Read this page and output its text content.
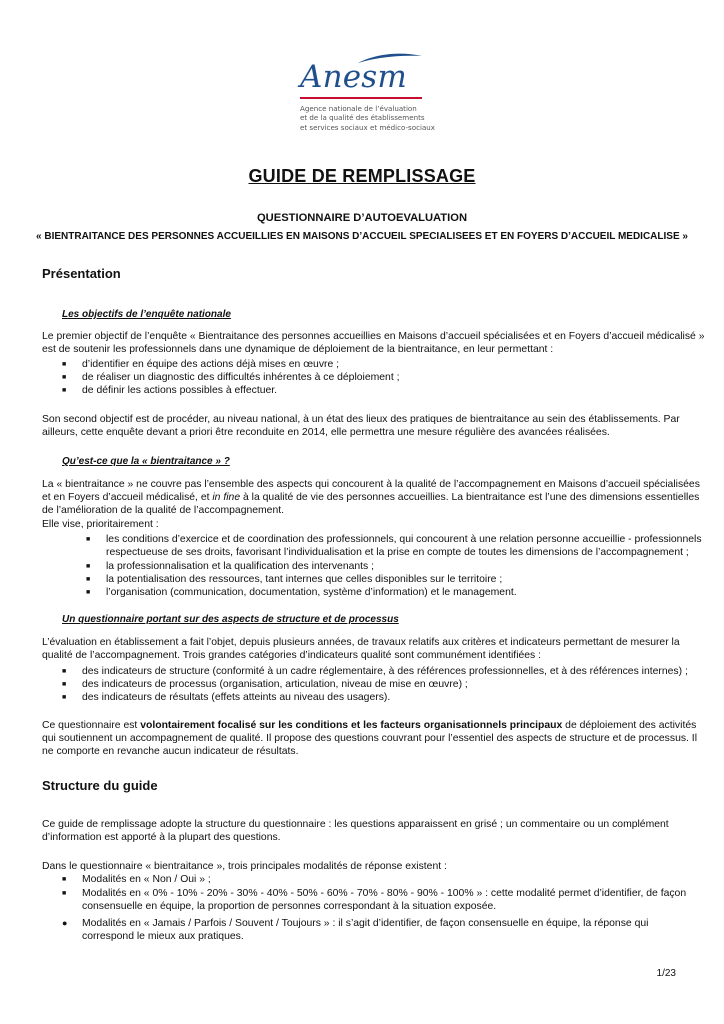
Anesm
Agence nationale de l’évaluation
et de la qualité des établissements
et services sociaux et médico-sociaux
GUIDE DE REMPLISSAGE
QUESTIONNAIRE D’AUTOEVALUATION
« BIENTRAITANCE DES PERSONNES ACCUEILLIES EN MAISONS D’ACCUEIL SPECIALISEES ET EN FOYERS D’ACCUEIL MEDICALISE »
Présentation
Les objectifs de l’enquête nationale
Le premier objectif de l’enquête « Bientraitance des personnes accueillies en Maisons d’accueil spécialisées et en Foyers d’accueil médicalisé »
est de soutenir les professionnels dans une dynamique de déploiement de la bientraitance, en leur permettant :
■ d’identifier en équipe des actions déjà mises en œuvre ;
■ de réaliser un diagnostic des difficultés inhérentes à ce déploiement ;
■ de définir les actions possibles à effectuer.
Son second objectif est de procéder, au niveau national, à un état des lieux des pratiques de bientraitance au sein des établissements. Par
ailleurs, cette enquête devant a priori être reconduite en 2014, elle permettra une mesure régulière des avancées réalisées.
Qu’est-ce que la « bientraitance » ?
La « bientraitance » ne couvre pas l’ensemble des aspects qui concourent à la qualité de l’accompagnement en Maisons d’accueil spécialisées
et en Foyers d’accueil médicalisé, et in fine à la qualité de vie des personnes accueillies. La bientraitance est l’une des dimensions essentielles
de l’amélioration de la qualité de l’accompagnement.
Elle vise, prioritairement :
■ les conditions d’exercice et de coordination des professionnels, qui concourent à une relation personne accueillie - professionnels
respectueuse de ses droits, favorisant l’individualisation et la prise en compte de toutes les dimensions de l’accompagnement ;
■ la professionnalisation et la qualification des intervenants ;
■ la potentialisation des ressources, tant internes que celles disponibles sur le territoire ;
■ l’organisation (communication, documentation, système d’information) et le management.
Un questionnaire portant sur des aspects de structure et de processus
L’évaluation en établissement a fait l’objet, depuis plusieurs années, de travaux relatifs aux critères et indicateurs permettant de mesurer la
qualité de l’accompagnement. Trois grandes catégories d’indicateurs qualité sont communément identifiées :
■ des indicateurs de structure (conformité à un cadre réglementaire, à des références professionnelles, et à des références internes) ;
■ des indicateurs de processus (organisation, articulation, niveau de mise en œuvre) ;
■ des indicateurs de résultats (effets atteints au niveau des usagers).
Ce questionnaire est volontairement focalisé sur les conditions et les facteurs organisationnels principaux de déploiement des activités
qui soutiennent un accompagnement de qualité. Il propose des questions couvrant pour l’essentiel des aspects de structure et de processus. Il
ne comporte en revanche aucun indicateur de résultats.
Structure du guide
Ce guide de remplissage adopte la structure du questionnaire : les questions apparaissent en grisé ; un commentaire ou un complément
d’information est apporté à la plupart des questions.
Dans le questionnaire « bientraitance », trois principales modalités de réponse existent :
■ Modalités en « Non / Oui » ;
■ Modalités en « 0% - 10% - 20% - 30% - 40% - 50% - 60% - 70% - 80% - 90% - 100% » : cette modalité permet d’identifier, de façon
consensuelle en équipe, la proportion de personnes correspondant à la situation exposée.
● Modalités en « Jamais / Parfois / Souvent / Toujours » : il s’agit d’identifier, de façon consensuelle en équipe, la réponse qui
correspond le mieux aux pratiques.
1/23
